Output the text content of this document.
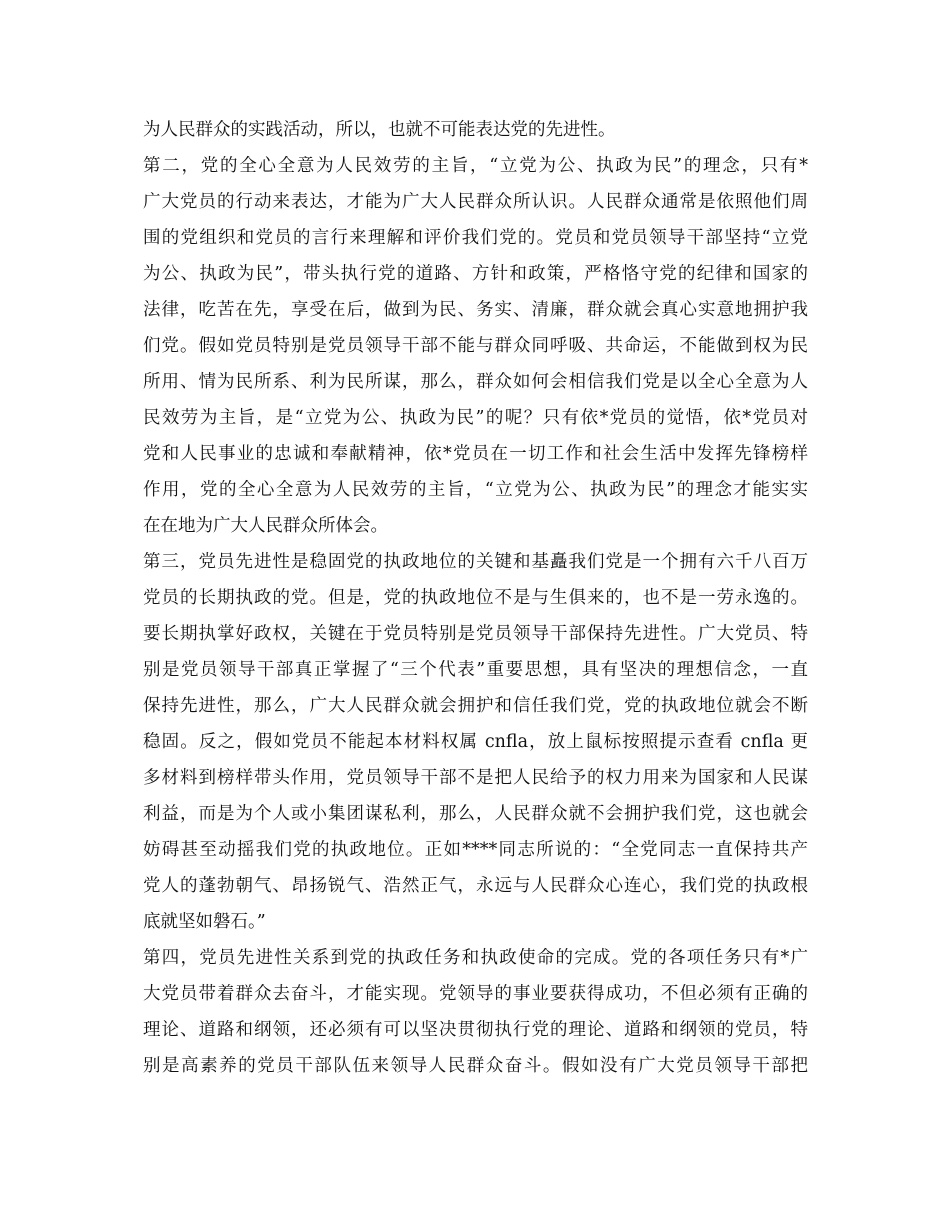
为人民群众的实践活动，所以，也就不可能表达党的先进性。
第二，党的全心全意为人民效劳的主旨，“立党为公、执政为民”的理念，只有*
广大党员的行动来表达，才能为广大人民群众所认识。人民群众通常是依照他们周
围的党组织和党员的言行来理解和评价我们党的。党员和党员领导干部坚持“立党
为公、执政为民”，带头执行党的道路、方针和政策，严格恪守党的纪律和国家的
法律，吃苦在先，享受在后，做到为民、务实、清廉，群众就会真心实意地拥护我
们党。假如党员特别是党员领导干部不能与群众同呼吸、共命运，不能做到权为民
所用、情为民所系、利为民所谋，那么，群众如何会相信我们党是以全心全意为人
民效劳为主旨，是“立党为公、执政为民”的呢？只有依*党员的觉悟，依*党员对
党和人民事业的忠诚和奉献精神，依*党员在一切工作和社会生活中发挥先锋榜样
作用，党的全心全意为人民效劳的主旨，“立党为公、执政为民”的理念才能实实
在在地为广大人民群众所体会。
第三，党员先进性是稳固党的执政地位的关键和基矗我们党是一个拥有六千八百万
党员的长期执政的党。但是，党的执政地位不是与生俱来的，也不是一劳永逸的。
要长期执掌好政权，关键在于党员特别是党员领导干部保持先进性。广大党员、特
别是党员领导干部真正掌握了“三个代表”重要思想，具有坚决的理想信念，一直
保持先进性，那么，广大人民群众就会拥护和信任我们党，党的执政地位就会不断
稳固。反之，假如党员不能起本材料权属 cnfla，放上鼠标按照提示查看 cnfla 更
多材料到榜样带头作用，党员领导干部不是把人民给予的权力用来为国家和人民谋
利益，而是为个人或小集团谋私利，那么，人民群众就不会拥护我们党，这也就会
妨碍甚至动摇我们党的执政地位。正如****同志所说的：“全党同志一直保持共产
党人的蓬勃朝气、昂扬锐气、浩然正气，永远与人民群众心连心，我们党的执政根
底就坚如磐石。”
第四，党员先进性关系到党的执政任务和执政使命的完成。党的各项任务只有*广
大党员带着群众去奋斗，才能实现。党领导的事业要获得成功，不但必须有正确的
理论、道路和纲领，还必须有可以坚决贯彻执行党的理论、道路和纲领的党员，特
别是高素养的党员干部队伍来领导人民群众奋斗。假如没有广大党员领导干部把
